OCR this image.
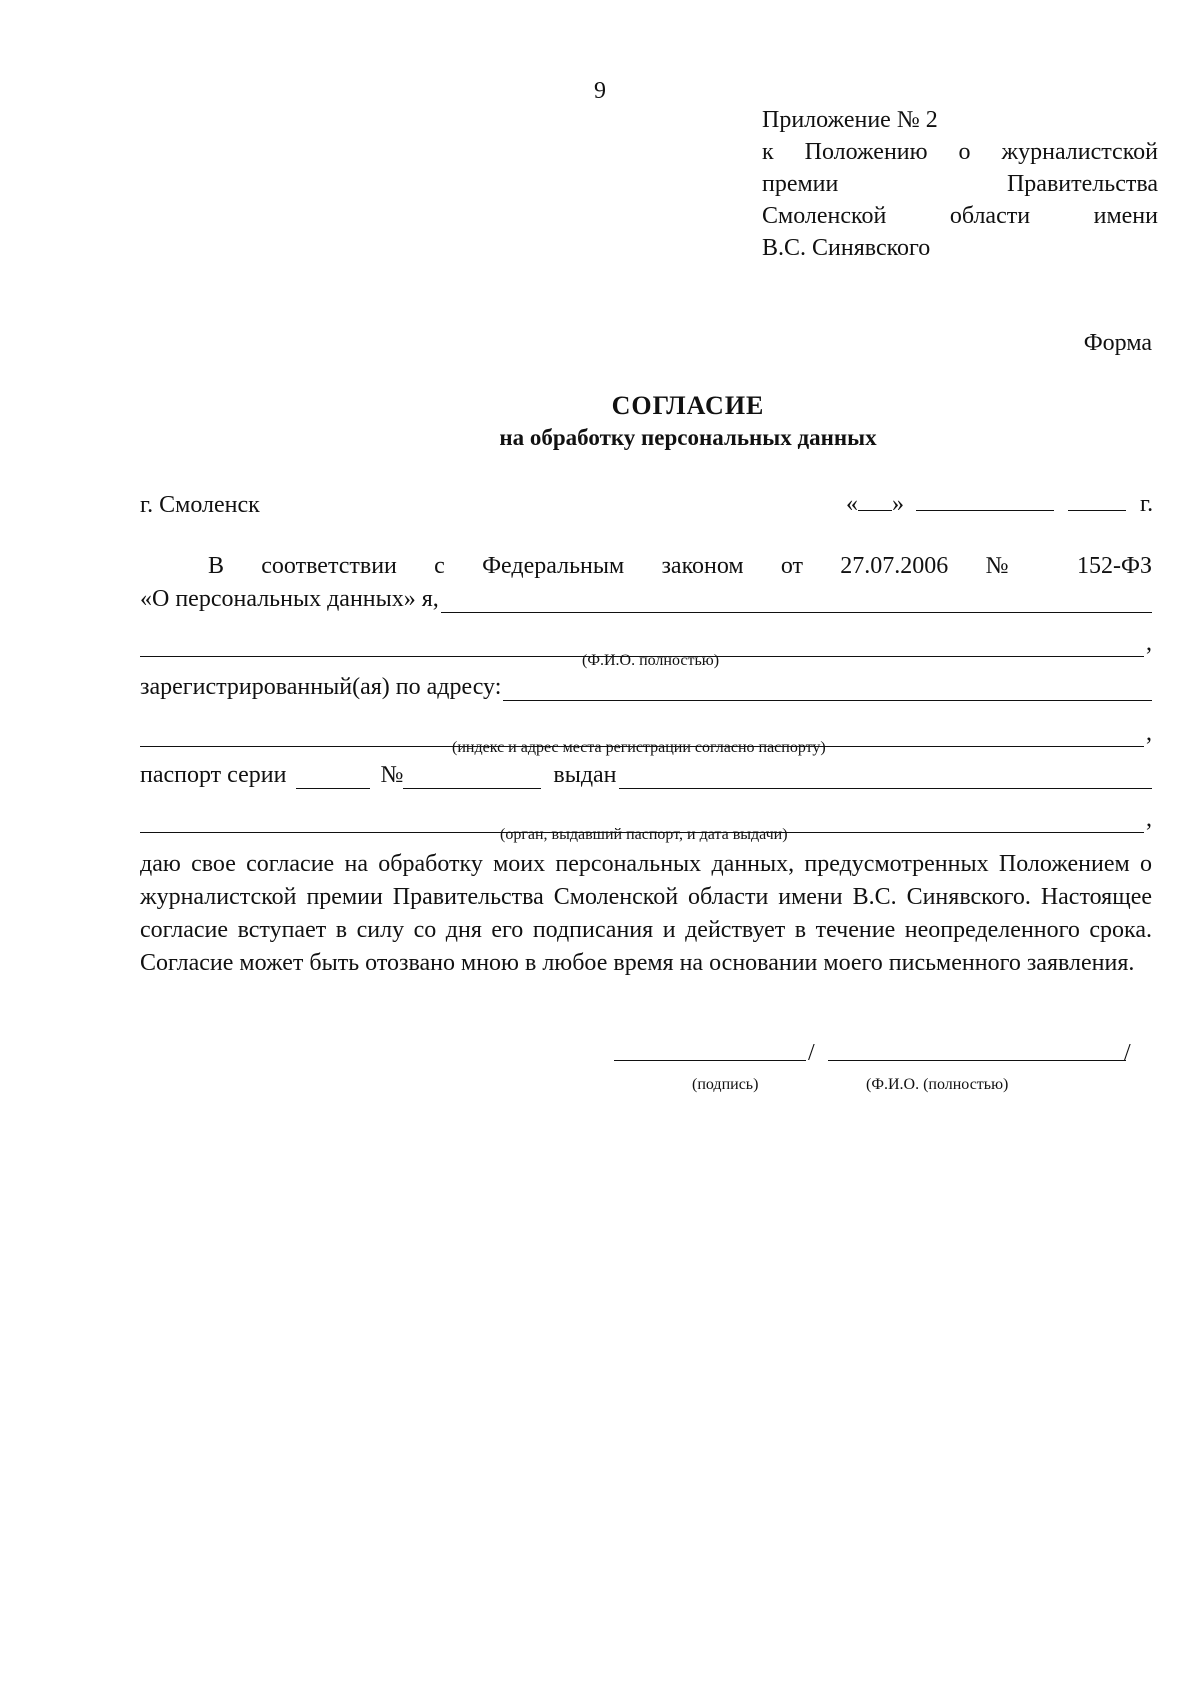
9
Приложение № 2
к Положению о журналистской
премии Правительства
Смоленской области имени
В.С. Синявского
Форма
СОГЛАСИЕ
на обработку персональных данных
г. Смоленск	« »	г.
В соответствии с Федеральным законом от 27.07.2006 № 152-ФЗ
«О персональных данных» я,
,
(Ф.И.О. полностью)
зарегистрированный(ая) по адресу:
,
(индекс и адрес места регистрации согласно паспорту)
паспорт серии	№	выдан
,
(орган, выдавший паспорт, и дата выдачи)
даю свое согласие на обработку моих персональных данных, предусмотренных Положением о журналистской премии Правительства Смоленской области имени В.С. Синявского. Настоящее согласие вступает в силу со дня его подписания и действует в течение неопределенного срока. Согласие может быть отозвано мною в любое время на основании моего письменного заявления.
/	/
(подпись)	(Ф.И.О. (полностью)
